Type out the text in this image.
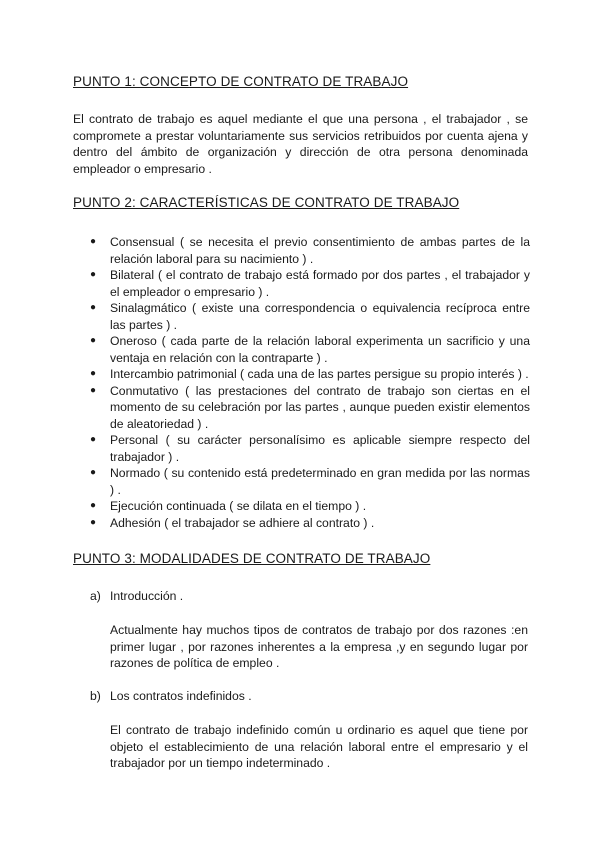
PUNTO 1: CONCEPTO DE CONTRATO DE TRABAJO
El contrato de trabajo es aquel mediante el que una persona , el trabajador , se compromete a prestar voluntariamente sus servicios retribuidos por cuenta ajena y dentro del ámbito de organización y dirección de otra persona denominada empleador o empresario .
PUNTO 2: CARACTERÍSTICAS DE CONTRATO DE TRABAJO
●	Consensual ( se necesita el previo consentimiento de ambas partes de la relación laboral para su nacimiento ) .
●	Bilateral ( el contrato de trabajo está formado por dos partes , el trabajador y el empleador o empresario ) .
●	Sinalagmático ( existe una correspondencia o equivalencia recíproca entre las partes ) .
●	Oneroso ( cada parte de la relación laboral experimenta un sacrificio y una ventaja en relación con la contraparte ) .
●	Intercambio patrimonial ( cada una de las partes persigue su propio interés ) .
●	Conmutativo ( las prestaciones del contrato de trabajo son ciertas en el momento de su celebración por las partes , aunque pueden existir elementos de aleatoriedad ) .
●	Personal ( su carácter personalísimo es aplicable siempre respecto del trabajador ) .
●	Normado ( su contenido está predeterminado en gran medida por las normas ) .
●	Ejecución continuada ( se dilata en el tiempo ) .
●	Adhesión ( el trabajador se adhiere al contrato ) .
PUNTO 3: MODALIDADES DE CONTRATO DE TRABAJO
a) Introducción .
Actualmente hay muchos tipos de contratos de trabajo por dos razones :en primer lugar , por razones inherentes a la empresa ,y en segundo lugar por razones de política de empleo .
b) Los contratos indefinidos .
El contrato de trabajo indefinido común u ordinario es aquel que tiene por objeto el establecimiento de una relación laboral entre el empresario y el trabajador por un tiempo indeterminado .
